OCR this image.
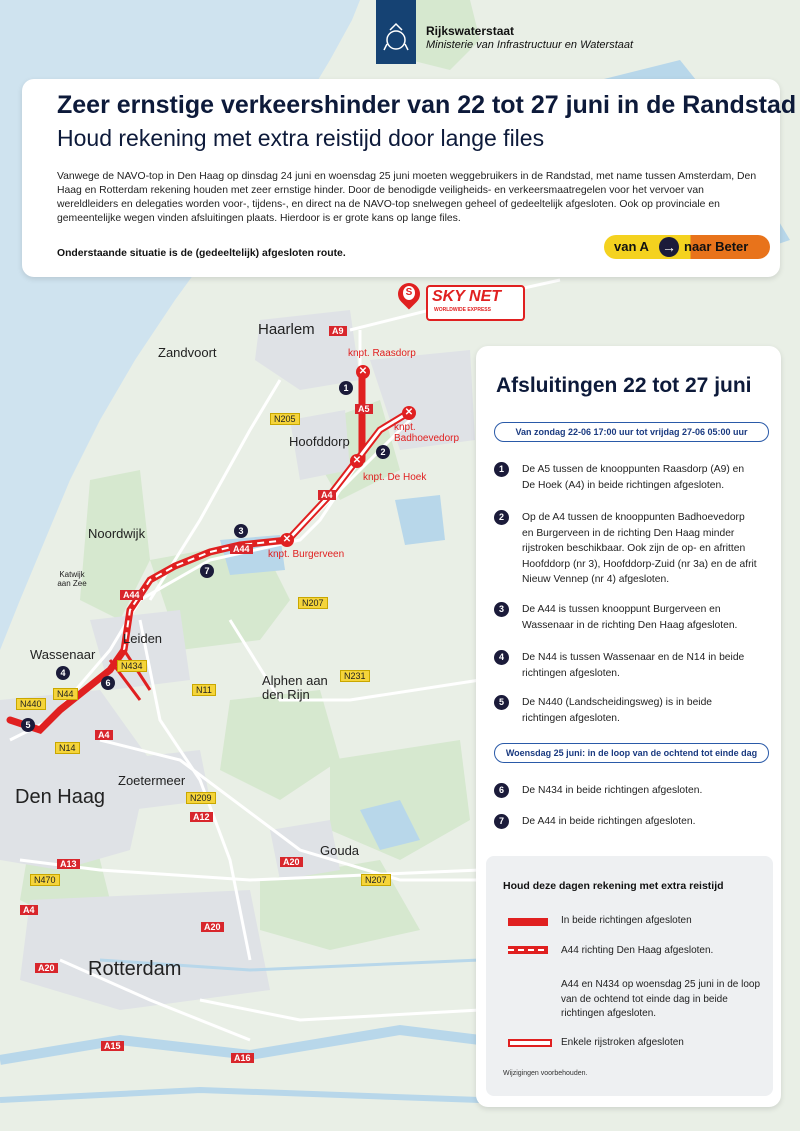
Haarlem
Zandvoort
Hoofddorp
Noordwijk
Katwijk aan Zee
Leiden
Wassenaar
Alphen aan den Rijn
Zoetermeer
Den Haag
Gouda
Rotterdam
✕
knpt. Raasdorp
✕
knpt. Badhoevedorp
✕
knpt. De Hoek
✕
knpt. Burgerveen
A9
A5
A4
A44
A44
A4
A12
A13	A20
A20
A20
A4
A15
A16
N205
N207
N207
N231
N11
N209
N470
N44
N14
N440
N434
1
2
3
4
5
6
7
S SKY NET
WORLDWIDE EXPRESS
Rijkswaterstaat
Ministerie van Infrastructuur en Waterstaat
Zeer ernstige verkeershinder van 22 tot 27 juni in de Randstad
Houd rekening met extra reistijd door lange files
Vanwege de NAVO-top in Den Haag op dinsdag 24 juni en woensdag 25 juni moeten weggebruikers in de Randstad, met name tussen Amsterdam, Den Haag en Rotterdam rekening houden met zeer ernstige hinder. Door de benodigde veiligheids- en verkeersmaatregelen voor het vervoer van wereldleiders en delegaties worden voor-, tijdens-, en direct na de NAVO-top snelwegen geheel of gedeeltelijk afgesloten. Ook op provinciale en gemeentelijke wegen vinden afsluitingen plaats. Hierdoor is er grote kans op lange files.
Onderstaande situatie is de (gedeeltelijk) afgesloten route.	van A → naar Beter
Afsluitingen 22 tot 27 juni
Van zondag 22-06 17:00 uur tot vrijdag 27-06 05:00 uur
1	De A5 tussen de knooppunten Raasdorp (A9) en De Hoek (A4) in beide richtingen afgesloten.
2	Op de A4 tussen de knooppunten Badhoevedorp en Burgerveen in de richting Den Haag minder rijstroken beschikbaar. Ook zijn de op- en afritten Hoofddorp (nr 3), Hoofddorp-Zuid (nr 3a) en de afrit Nieuw Vennep (nr 4) afgesloten.
3	De A44 is tussen knooppunt Burgerveen en Wassenaar in de richting Den Haag afgesloten.
4	De N44 is tussen Wassenaar en de N14 in beide richtingen afgesloten.
5	De N440 (Landscheidingsweg) is in beide richtingen afgesloten.
Woensdag 25 juni: in de loop van de ochtend tot einde dag
6	De N434 in beide richtingen afgesloten.
7	De A44 in beide richtingen afgesloten.
Houd deze dagen rekening met extra reistijd
In beide richtingen afgesloten
A44 richting Den Haag afgesloten.
A44 en N434 op woensdag 25 juni in de loop van de ochtend tot einde dag in beide richtingen afgesloten.
Enkele rijstroken afgesloten
Wijzigingen voorbehouden.
